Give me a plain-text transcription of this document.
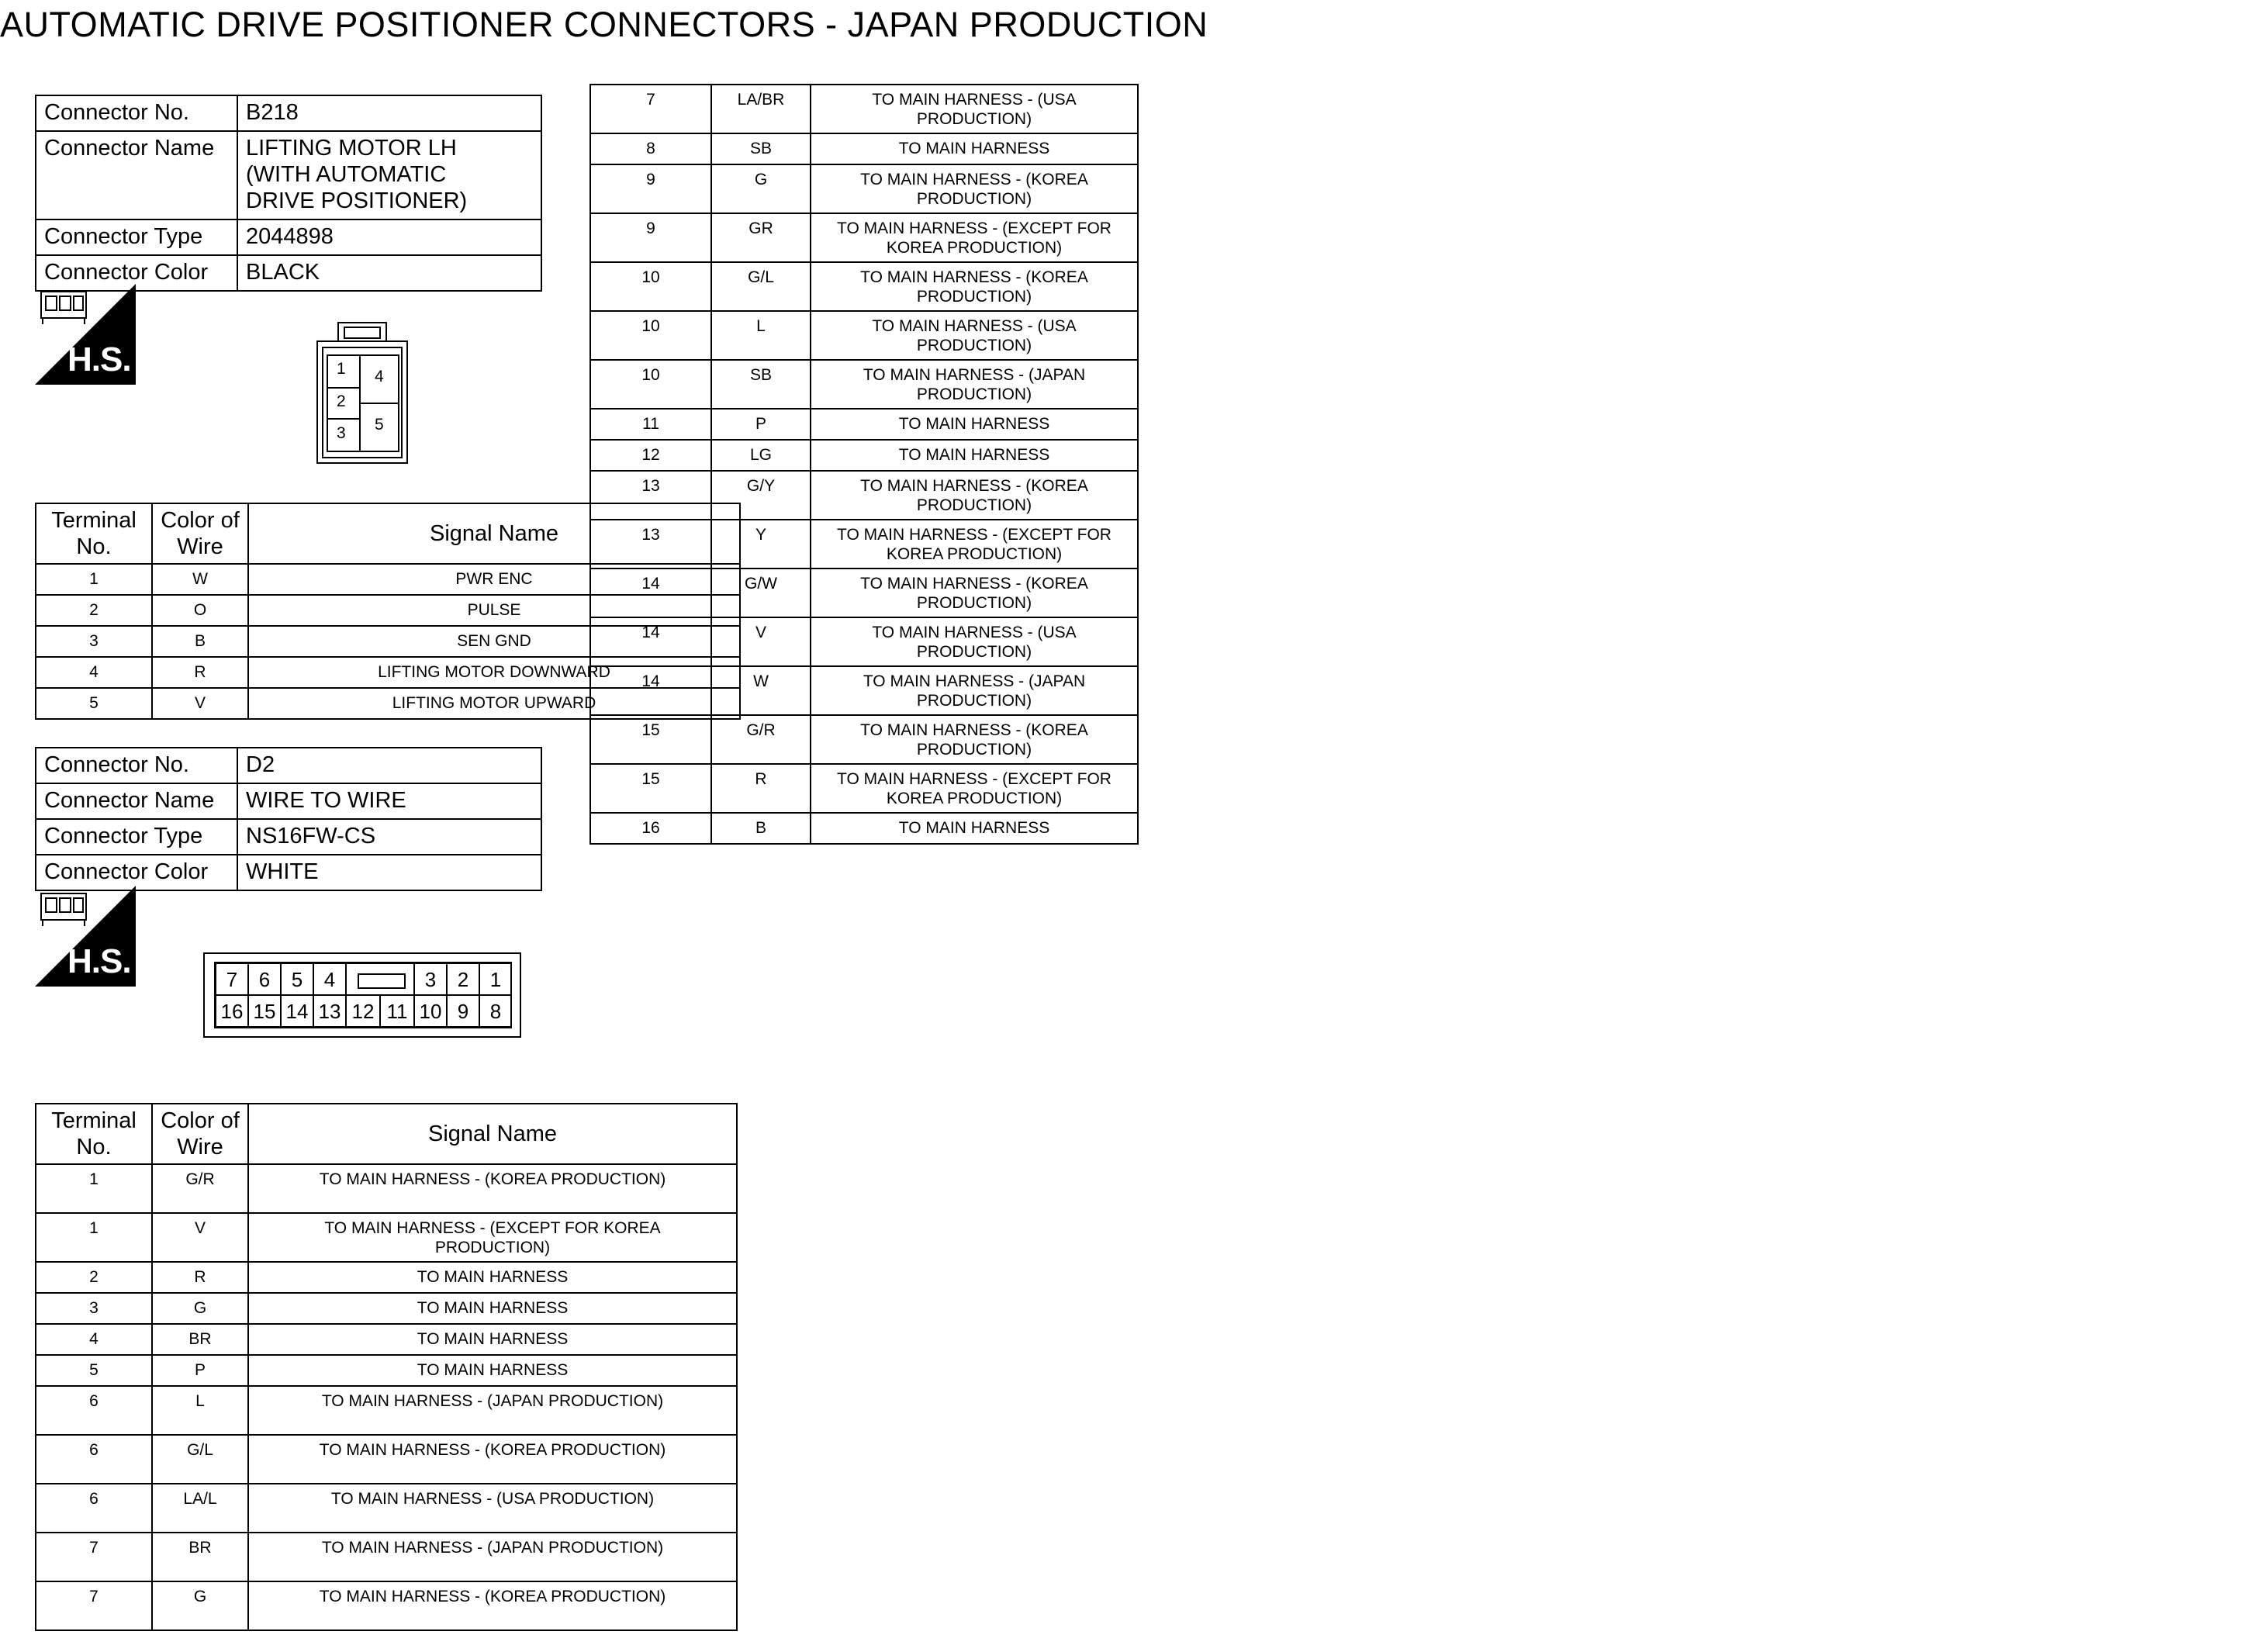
AUTOMATIC DRIVE POSITIONER CONNECTORS - JAPAN PRODUCTION
Connector No.	B218
Connector Name	LIFTING MOTOR LH (WITH AUTOMATIC DRIVE POSITIONER)
Connector Type	2044898
Connector Color	BLACK
H.S.	1
2
3
4
5
Terminal No.	Color of Wire	Signal Name
1	W	PWR ENC
2	O	PULSE
3	B	SEN GND
4	R	LIFTING MOTOR DOWNWARD
5	V	LIFTING MOTOR UPWARD
Connector No.	D2
Connector Name	WIRE TO WIRE
Connector Type	NS16FW-CS
Connector Color	WHITE
H.S.	7	6	5	4	3	2	1
16 15 14 13 12 11 10 9	8
Terminal No.	Color of Wire	Signal Name
1	G/R	TO MAIN HARNESS - (KOREA PRODUCTION)
1	V	TO MAIN HARNESS - (EXCEPT FOR KOREA PRODUCTION)
2	R	TO MAIN HARNESS
3	G	TO MAIN HARNESS
4	BR	TO MAIN HARNESS
5	P	TO MAIN HARNESS
6	L	TO MAIN HARNESS - (JAPAN PRODUCTION)
6	G/L	TO MAIN HARNESS - (KOREA PRODUCTION)
6	LA/L	TO MAIN HARNESS - (USA PRODUCTION)
7	BR	TO MAIN HARNESS - (JAPAN PRODUCTION)
7	G	TO MAIN HARNESS - (KOREA PRODUCTION)
7	LA/BR	TO MAIN HARNESS - (USA PRODUCTION)
8	SB	TO MAIN HARNESS
9	G	TO MAIN HARNESS - (KOREA PRODUCTION)
9	GR	TO MAIN HARNESS - (EXCEPT FOR KOREA PRODUCTION)
10	G/L	TO MAIN HARNESS - (KOREA PRODUCTION)
10	L	TO MAIN HARNESS - (USA PRODUCTION)
10	SB	TO MAIN HARNESS - (JAPAN PRODUCTION)
11	P	TO MAIN HARNESS
12	LG	TO MAIN HARNESS
13	G/Y	TO MAIN HARNESS - (KOREA PRODUCTION)
13	Y	TO MAIN HARNESS - (EXCEPT FOR KOREA PRODUCTION)
14	G/W	TO MAIN HARNESS - (KOREA PRODUCTION)
14	V	TO MAIN HARNESS - (USA PRODUCTION)
14	W	TO MAIN HARNESS - (JAPAN PRODUCTION)
15	G/R	TO MAIN HARNESS - (KOREA PRODUCTION)
15	R	TO MAIN HARNESS - (EXCEPT FOR KOREA PRODUCTION)
16	B	TO MAIN HARNESS
